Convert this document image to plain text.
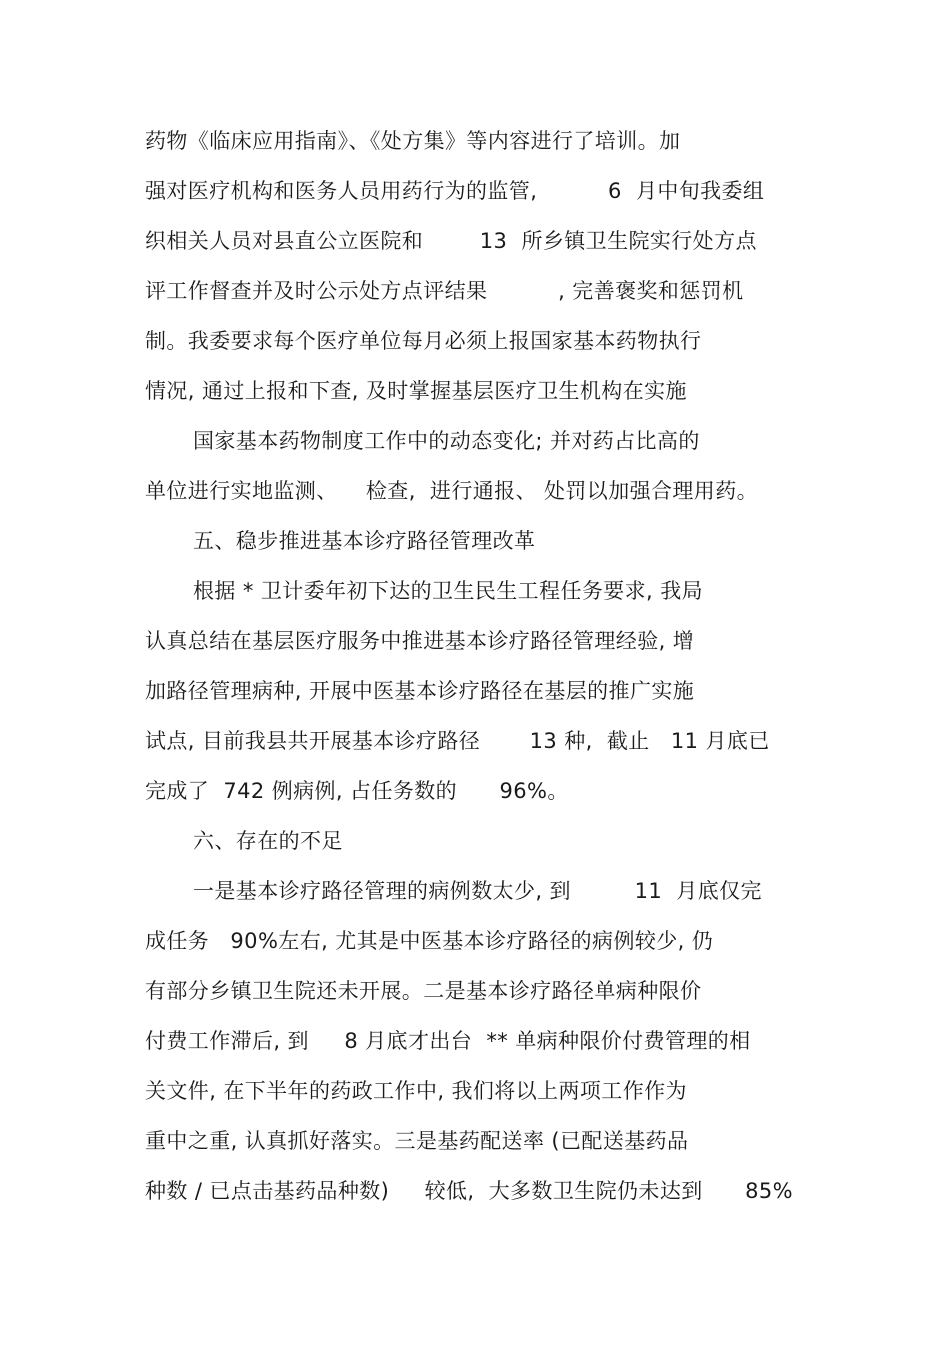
药物《临床应用指南》、《处方集》等内容进行了培训。加
强对医疗机构和医务人员用药行为的监管,          6  月中旬我委组
织相关人员对县直公立医院和        13  所乡镇卫生院实行处方点
评工作督查并及时公示处方点评结果          , 完善褒奖和惩罚机
制。我委要求每个医疗单位每月必须上报国家基本药物执行
情况, 通过上报和下查, 及时掌握基层医疗卫生机构在实施
国家基本药物制度工作中的动态变化; 并对药占比高的
单位进行实地监测、    检查,  进行通报、 处罚以加强合理用药。
五、稳步推进基本诊疗路径管理改革
根据 * 卫计委年初下达的卫生民生工程任务要求, 我局
认真总结在基层医疗服务中推进基本诊疗路径管理经验, 增
加路径管理病种, 开展中医基本诊疗路径在基层的推广实施
试点, 目前我县共开展基本诊疗路径       13 种,  截止   11 月底已
完成了  742 例病例, 占任务数的      96%。
六、存在的不足
一是基本诊疗路径管理的病例数太少, 到         11  月底仅完
成任务   90%左右, 尤其是中医基本诊疗路径的病例较少, 仍
有部分乡镇卫生院还未开展。二是基本诊疗路径单病种限价
付费工作滞后, 到     8 月底才出台  ** 单病种限价付费管理的相
关文件, 在下半年的药政工作中, 我们将以上两项工作作为
重中之重, 认真抓好落实。三是基药配送率 (已配送基药品
种数 / 已点击基药品种数)     较低,  大多数卫生院仍未达到      85%
